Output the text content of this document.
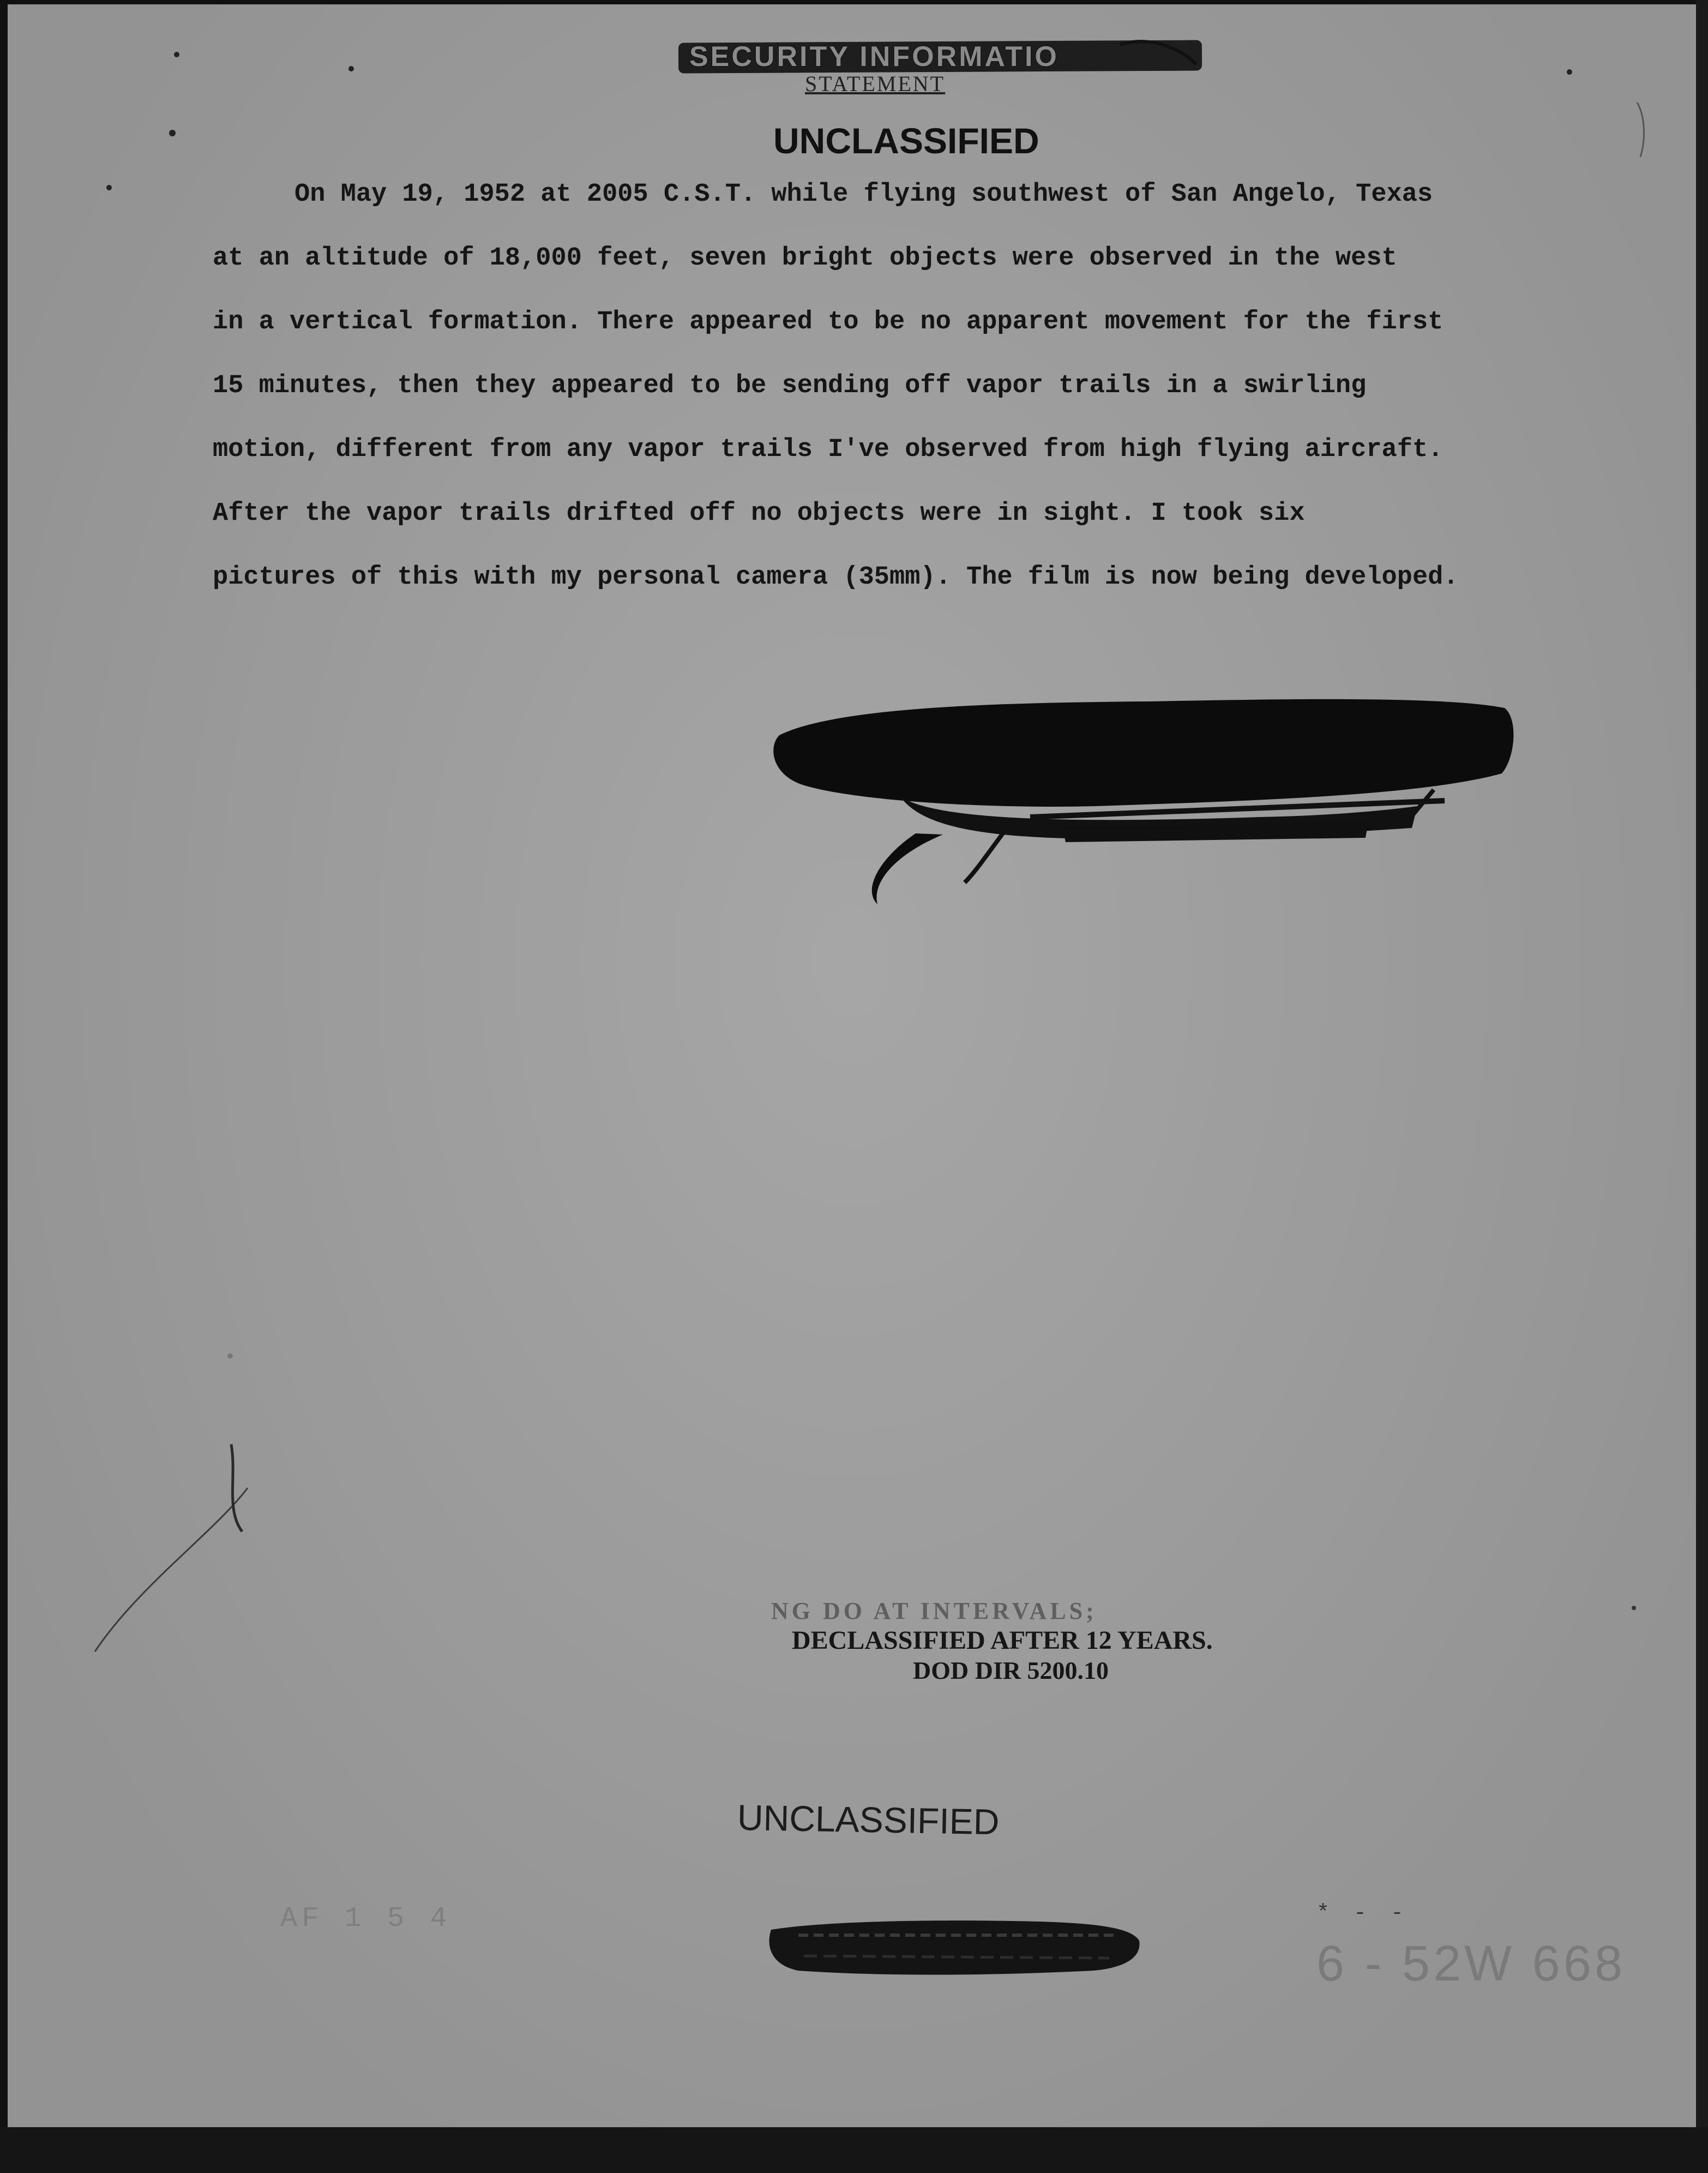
SECURITY INFORMATIO
STATEMENT
UNCLASSIFIED
On May 19, 1952 at 2005 C.S.T. while flying southwest of San Angelo, Texas
at an altitude of 18,000 feet, seven bright objects were observed in the west
in a vertical formation. There appeared to be no apparent movement for the first
15 minutes, then they appeared to be sending off vapor trails in a swirling
motion, different from any vapor trails I've observed from high flying aircraft.
After the vapor trails drifted off no objects were in sight. I took six
pictures of this with my personal camera (35mm). The film is now being developed.
NG DO AT INTERVALS;
DECLASSIFIED AFTER 12 YEARS.
DOD DIR 5200.10
UNCLASSIFIED
AF 1 5 4	* - -
6 - 52W 668
